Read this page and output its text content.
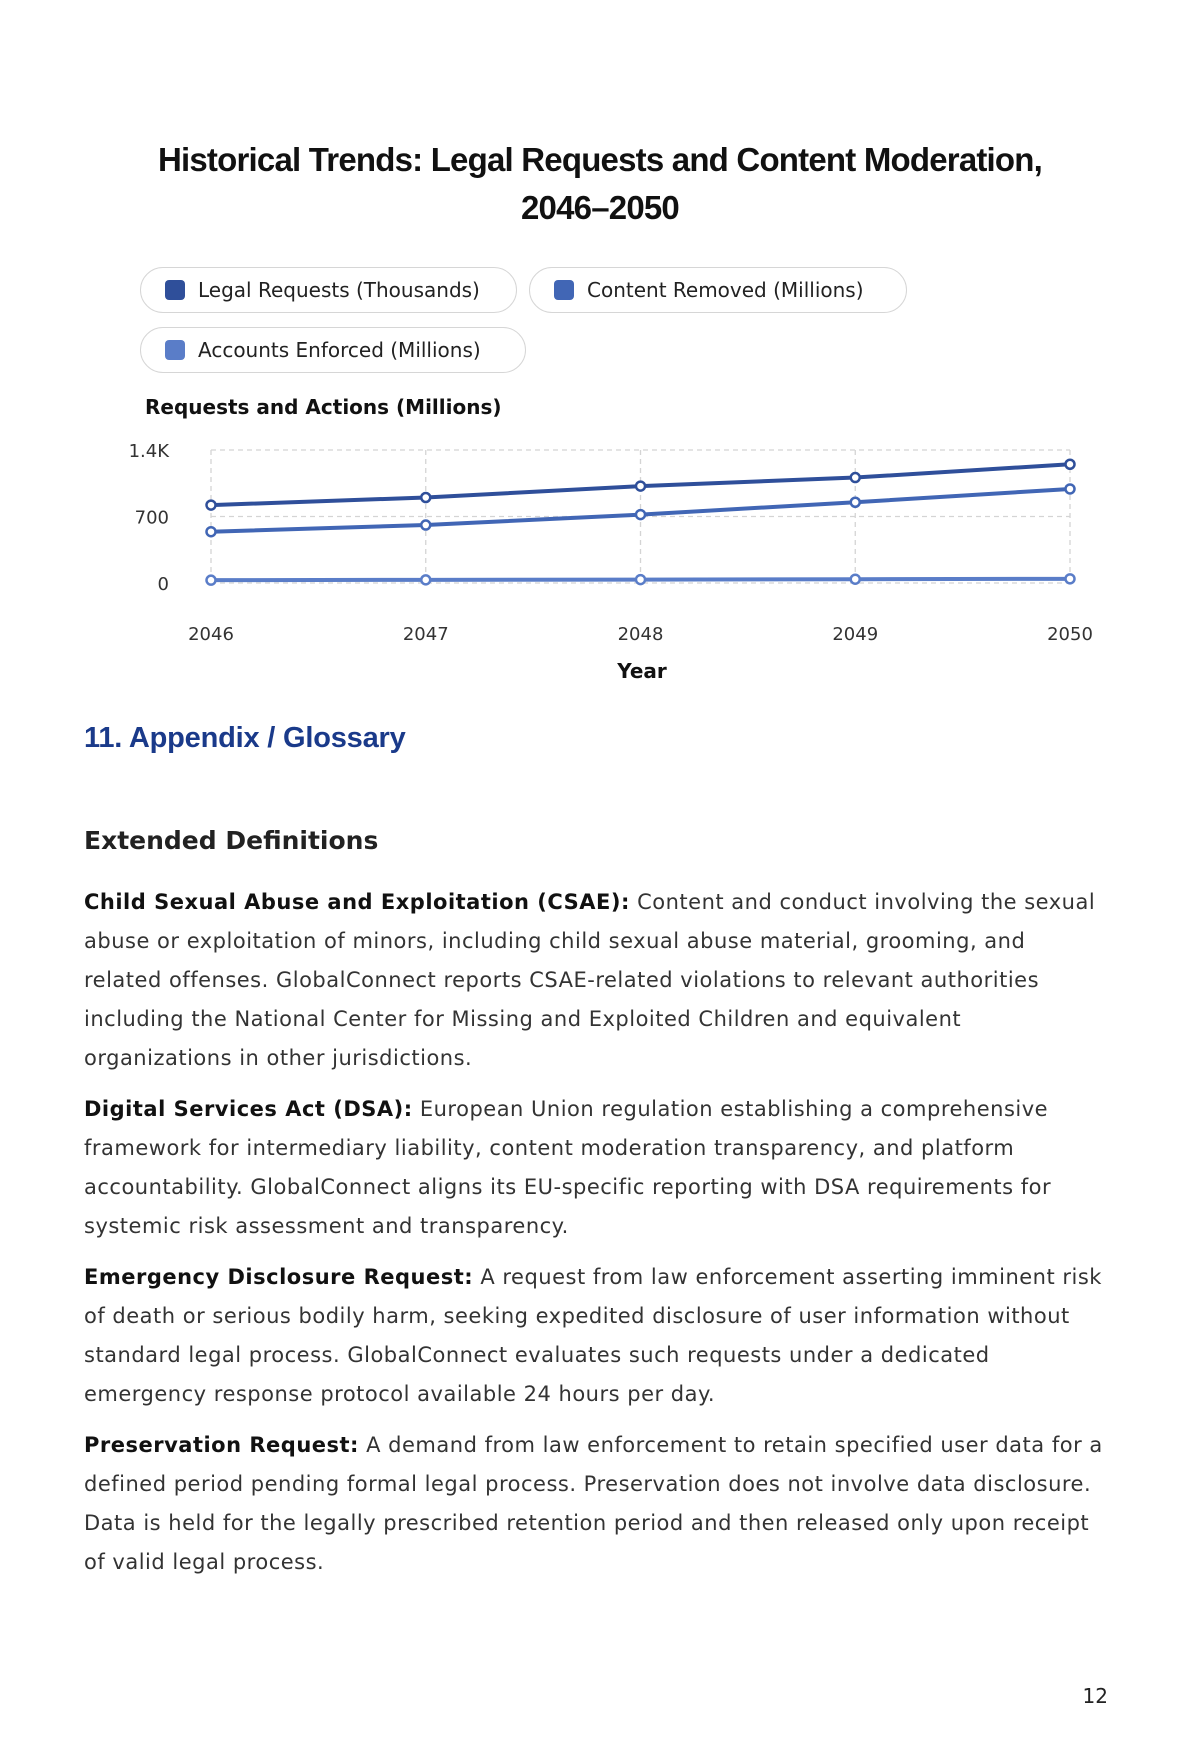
Historical Trends: Legal Requests and Content Moderation, 2046–2050
Legal Requests (Thousands)	Content Removed (Millions)
Accounts Enforced (Millions)
Requests and Actions (Millions)
Year
0
700
1.4K
2046	2047	2048	2049	2050
11. Appendix / Glossary
Extended Definitions

Child Sexual Abuse and Exploitation (CSAE): Content and conduct involving the sexual abuse or exploitation of minors, including child sexual abuse material, grooming, and related offenses. GlobalConnect reports CSAE-related violations to relevant authorities including the National Center for Missing and Exploited Children and equivalent organizations in other jurisdictions.

Digital Services Act (DSA): European Union regulation establishing a comprehensive framework for intermediary liability, content moderation transparency, and platform accountability. GlobalConnect aligns its EU-specific reporting with DSA requirements for systemic risk assessment and transparency.

Emergency Disclosure Request: A request from law enforcement asserting imminent risk of death or serious bodily harm, seeking expedited disclosure of user information without standard legal process. GlobalConnect evaluates such requests under a dedicated emergency response protocol available 24 hours per day.

Preservation Request: A demand from law enforcement to retain specified user data for a defined period pending formal legal process. Preservation does not involve data disclosure. Data is held for the legally prescribed retention period and then released only upon receipt of valid legal process.

12
